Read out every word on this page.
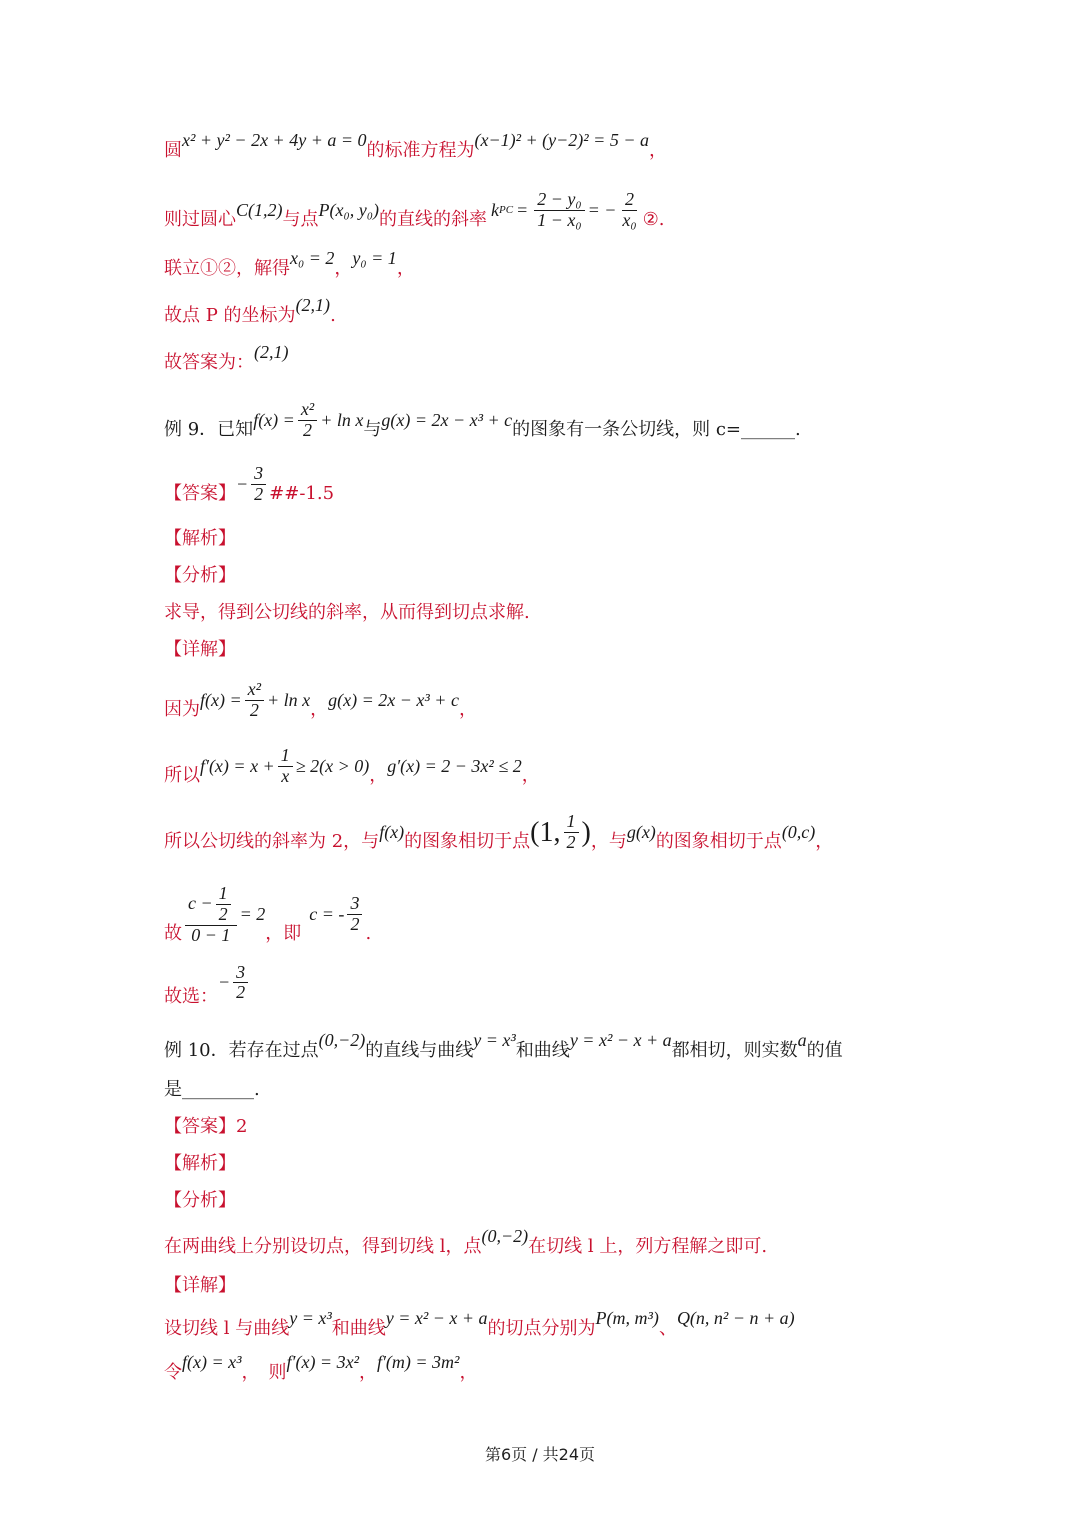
圆 x² + y² − 2x + 4y + a = 0 的标准方程为 (x−1)² + (y−2)² = 5 − a ，
则过圆心 C(1,2) 与点 P(x₀, y₀) 的直线的斜率 k PC = $\frac{\text{2 − y₀}}{\text{1 − x₀}}$ = − $\frac{2}{\text{x₀}}$ ②.
联立①②，解得 x₀ = 2 ， y₀ = 1 ，
故点 P 的坐标为 (2,1) .
故答案为： (2,1)
例 9．已知 $f(x) = \frac{\text{x²}}{2} + \ln x$ 与 g(x) = 2x − x³ + c 的图象有一条公切线，则 c=______.
【答案】 − $\frac{3}{2}$ ##-1.5
【解析】
【分析】
求导，得到公切线的斜率，从而得到切点求解.
【详解】
因为 $f(x) = \frac{\text{x²}}{2} + \ln x$ ， g(x) = 2x − x³ + c ，
所以 $f'(x) = x + \frac{1}{x} \ge 2(x > 0)$ ， g′(x) = 2 − 3x² ≤ 2 ，
所以公切线的斜率为 2，与 f(x) 的图象相切于点 (1, $\frac{1}{2}$ ) ，与 g(x) 的图象相切于点 (0,c) ，
故 $\frac{c - \frac{1}{2}}{0 - 1} = 2$
，即
c = - $\frac{3}{2}$ .
故选：
− $\frac{3}{2}$
例 10．若存在过点 (0,−2) 的直线与曲线 y = x³ 和曲线 y = x² − x + a 都相切，则实数 a 的值
是________.
【答案】 2
【解析】
【分析】
在两曲线上分别设切点，得到切线 l，点 (0,−2) 在切线 l 上，列方程解之即可.
【详解】
设切线 l 与曲线 y = x³ 和曲线 y = x² − x + a 的切点分别为 P(m, m³) 、 Q(n, n² − n + a)
令 f(x) = x³ ，　则 f′(x) = 3x² ， f′(m) = 3m² ，
第6页 / 共24页
